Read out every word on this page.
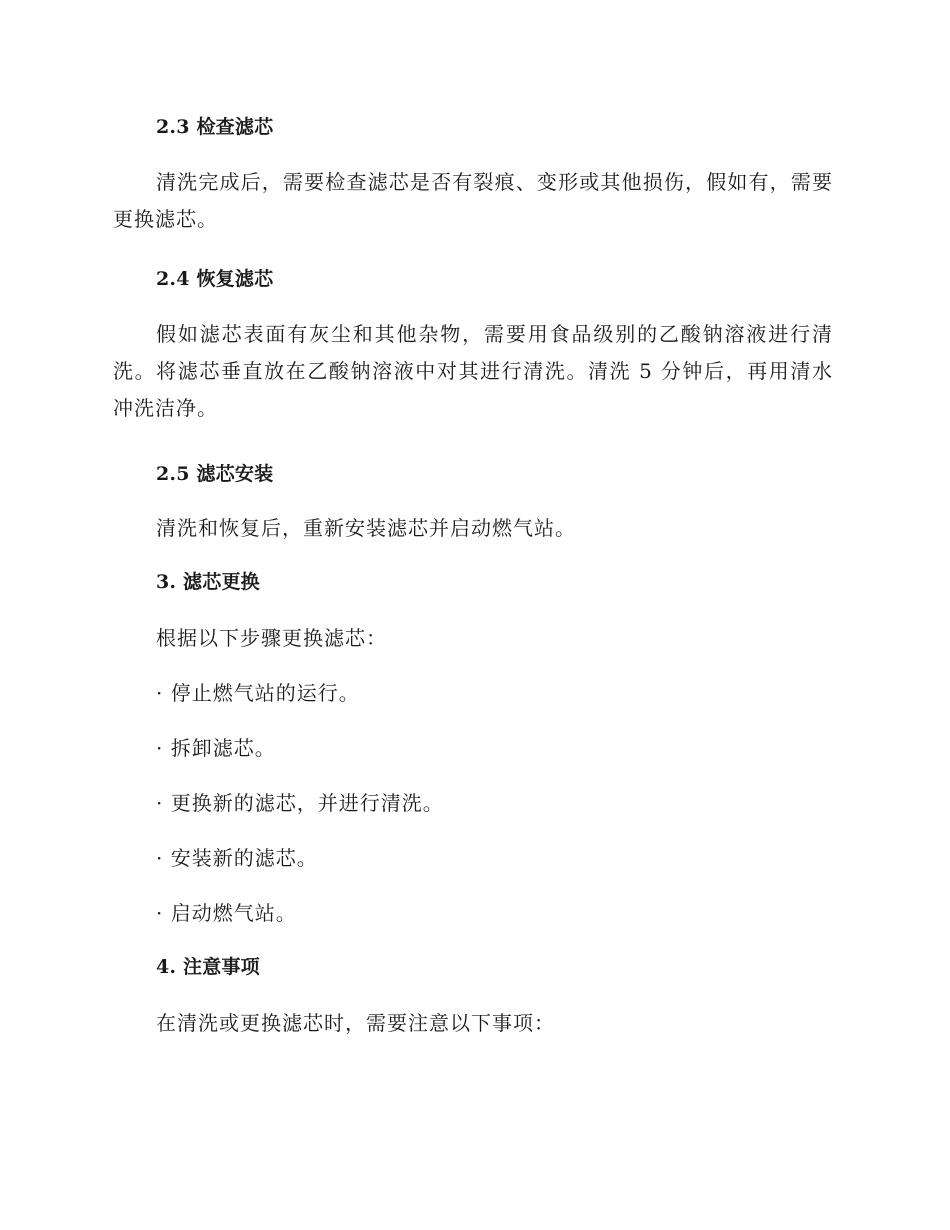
2.3 检查滤芯

清洗完成后，需要检查滤芯是否有裂痕、变形或其他损伤，假如有，需要更换滤芯。

2.4 恢复滤芯

假如滤芯表面有灰尘和其他杂物，需要用食品级别的乙酸钠溶液进行清洗。将滤芯垂直放在乙酸钠溶液中对其进行清洗。清洗 5 分钟后，再用清水冲洗洁净。

2.5 滤芯安装

清洗和恢复后，重新安装滤芯并启动燃气站。

3. 滤芯更换

根据以下步骤更换滤芯：

· 停止燃气站的运行。

· 拆卸滤芯。

· 更换新的滤芯，并进行清洗。

· 安装新的滤芯。

· 启动燃气站。

4. 注意事项

在清洗或更换滤芯时，需要注意以下事项：
